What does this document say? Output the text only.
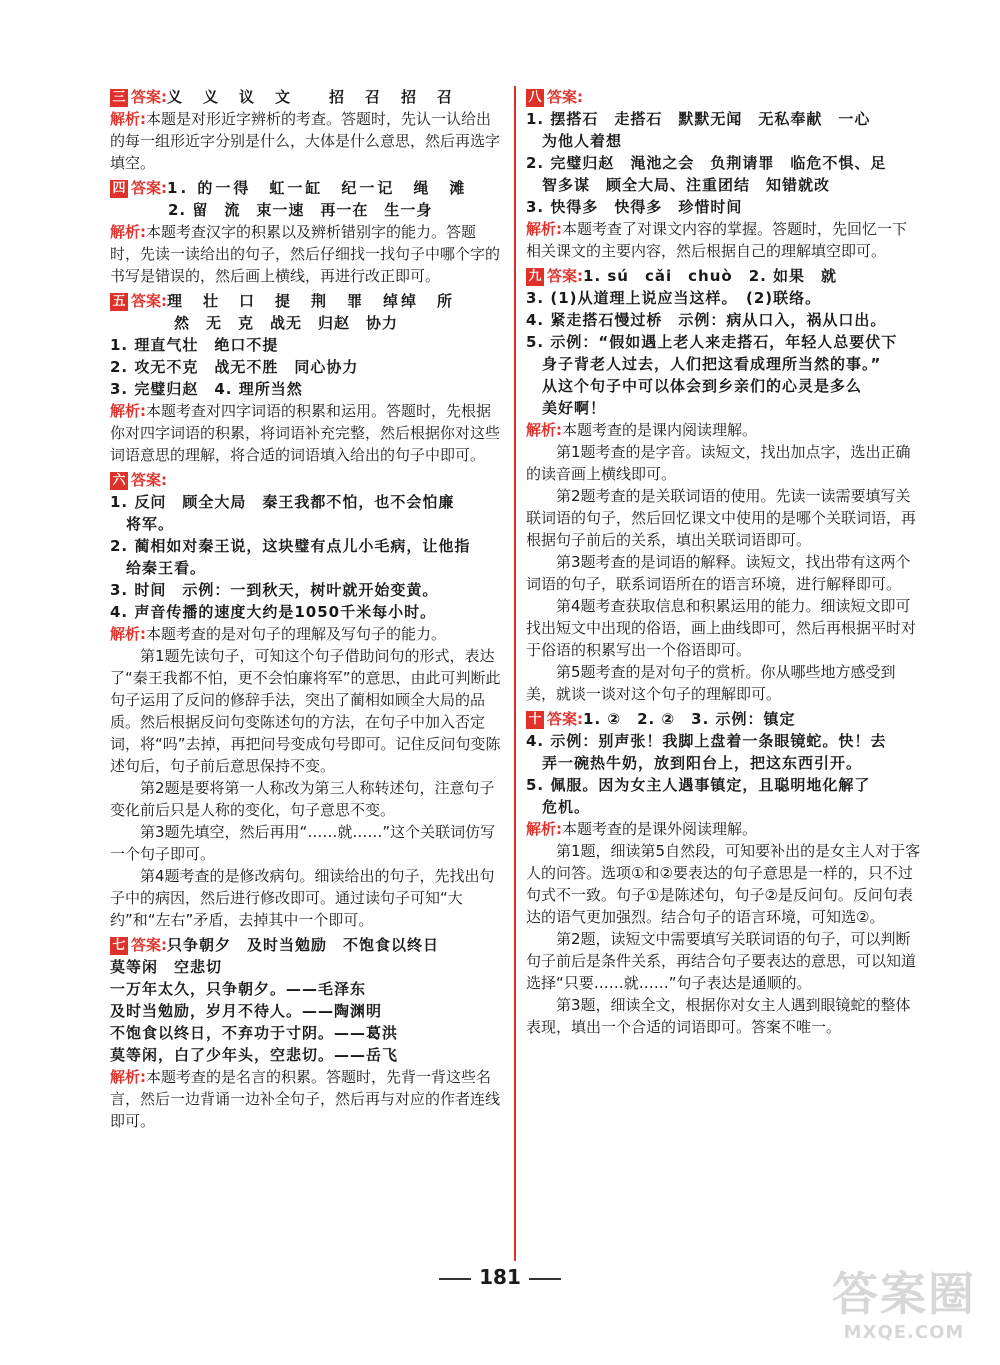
三 答案:义　义　议　文　　招　召　招　召
解析:本题是对形近字辨析的考查。答题时，先认一认给出的每一组形近字分别是什么，大体是什么意思，然后再选字填空。
四 答案:1. 的一得　虹一缸　纪一记　绳　滩
2. 留　流　束一速　再一在　生一身
解析:本题考查汉字的积累以及辨析错别字的能力。答题时，先读一读给出的句子，然后仔细找一找句子中哪个字的书写是错误的，然后画上横线，再进行改正即可。
五 答案:理　壮　口　提　荆　罪　绰绰　所
然　无　克　战无　归赵　协力
1. 理直气壮　绝口不提
2. 攻无不克　战无不胜　同心协力
3. 完璧归赵　4. 理所当然
解析:本题考查对四字词语的积累和运用。答题时，先根据你对四字词语的积累，将词语补充完整，然后根据你对这些词语意思的理解，将合适的词语填入给出的句子中即可。
六 答案:
1. 反问　顾全大局　秦王我都不怕，也不会怕廉
将军。
2. 蔺相如对秦王说，这块璧有点儿小毛病，让他指
给秦王看。
3. 时间　示例：一到秋天，树叶就开始变黄。
4. 声音传播的速度大约是1050千米每小时。
解析:本题考查的是对句子的理解及写句子的能力。
第1题先读句子，可知这个句子借助问句的形式，表达了“秦王我都不怕，更不会怕廉将军”的意思，由此可判断此句子运用了反问的修辞手法，突出了蔺相如顾全大局的品质。然后根据反问句变陈述句的方法，在句子中加入否定词，将“吗”去掉，再把问号变成句号即可。记住反问句变陈述句后，句子前后意思保持不变。
第2题是要将第一人称改为第三人称转述句，注意句子变化前后只是人称的变化，句子意思不变。
第3题先填空，然后再用“……就……”这个关联词仿写一个句子即可。
第4题考查的是修改病句。细读给出的句子，先找出句子中的病因，然后进行修改即可。通过读句子可知“大约”和“左右”矛盾，去掉其中一个即可。
七 答案:只争朝夕　及时当勉励　不饱食以终日
莫等闲　空悲切
一万年太久，只争朝夕。——毛泽东
及时当勉励，岁月不待人。——陶渊明
不饱食以终日，不弃功于寸阴。——葛洪
莫等闲，白了少年头，空悲切。——岳飞
解析:本题考查的是名言的积累。答题时，先背一背这些名言，然后一边背诵一边补全句子，然后再与对应的作者连线即可。
八 答案:
1. 摆搭石　走搭石　默默无闻　无私奉献　一心
为他人着想
2. 完璧归赵　渑池之会　负荆请罪　临危不惧、足
智多谋　顾全大局、注重团结　知错就改
3. 快得多　快得多　珍惜时间
解析:本题考查了对课文内容的掌握。答题时，先回忆一下相关课文的主要内容，然后根据自己的理解填空即可。
九 答案:1. sú　cǎi　chuò　2. 如果　就
3. (1)从道理上说应当这样。　(2)联络。
4. 紧走搭石慢过桥　示例：病从口入，祸从口出。
5. 示例：“假如遇上老人来走搭石，年轻人总要伏下
身子背老人过去，人们把这看成理所当然的事。”
从这个句子中可以体会到乡亲们的心灵是多么
美好啊！
解析:本题考查的是课内阅读理解。
第1题考查的是字音。读短文，找出加点字，选出正确的读音画上横线即可。
第2题考查的是关联词语的使用。先读一读需要填写关联词语的句子，然后回忆课文中使用的是哪个关联词语，再根据句子前后的关系，填出关联词语即可。
第3题考查的是词语的解释。读短文，找出带有这两个词语的句子，联系词语所在的语言环境，进行解释即可。
第4题考查获取信息和积累运用的能力。细读短文即可找出短文中出现的俗语，画上曲线即可，然后再根据平时对于俗语的积累写出一个俗语即可。
第5题考查的是对句子的赏析。你从哪些地方感受到美，就谈一谈对这个句子的理解即可。
十 答案:1. ②　2. ②　3. 示例：镇定
4. 示例：别声张！我脚上盘着一条眼镜蛇。快！去
弄一碗热牛奶，放到阳台上，把这东西引开。
5. 佩服。因为女主人遇事镇定，且聪明地化解了
危机。
解析:本题考查的是课外阅读理解。
第1题，细读第5自然段，可知要补出的是女主人对于客人的问答。选项①和②要表达的句子意思是一样的，只不过句式不一致。句子①是陈述句，句子②是反问句。反问句表达的语气更加强烈。结合句子的语言环境，可知选②。
第2题，读短文中需要填写关联词语的句子，可以判断句子前后是条件关系，再结合句子要表达的意思，可以知道选择“只要……就……”句子表达是通顺的。
第3题，细读全文，根据你对女主人遇到眼镜蛇的整体表现，填出一个合适的词语即可。答案不唯一。
181	答案圈
MXQE.COM
